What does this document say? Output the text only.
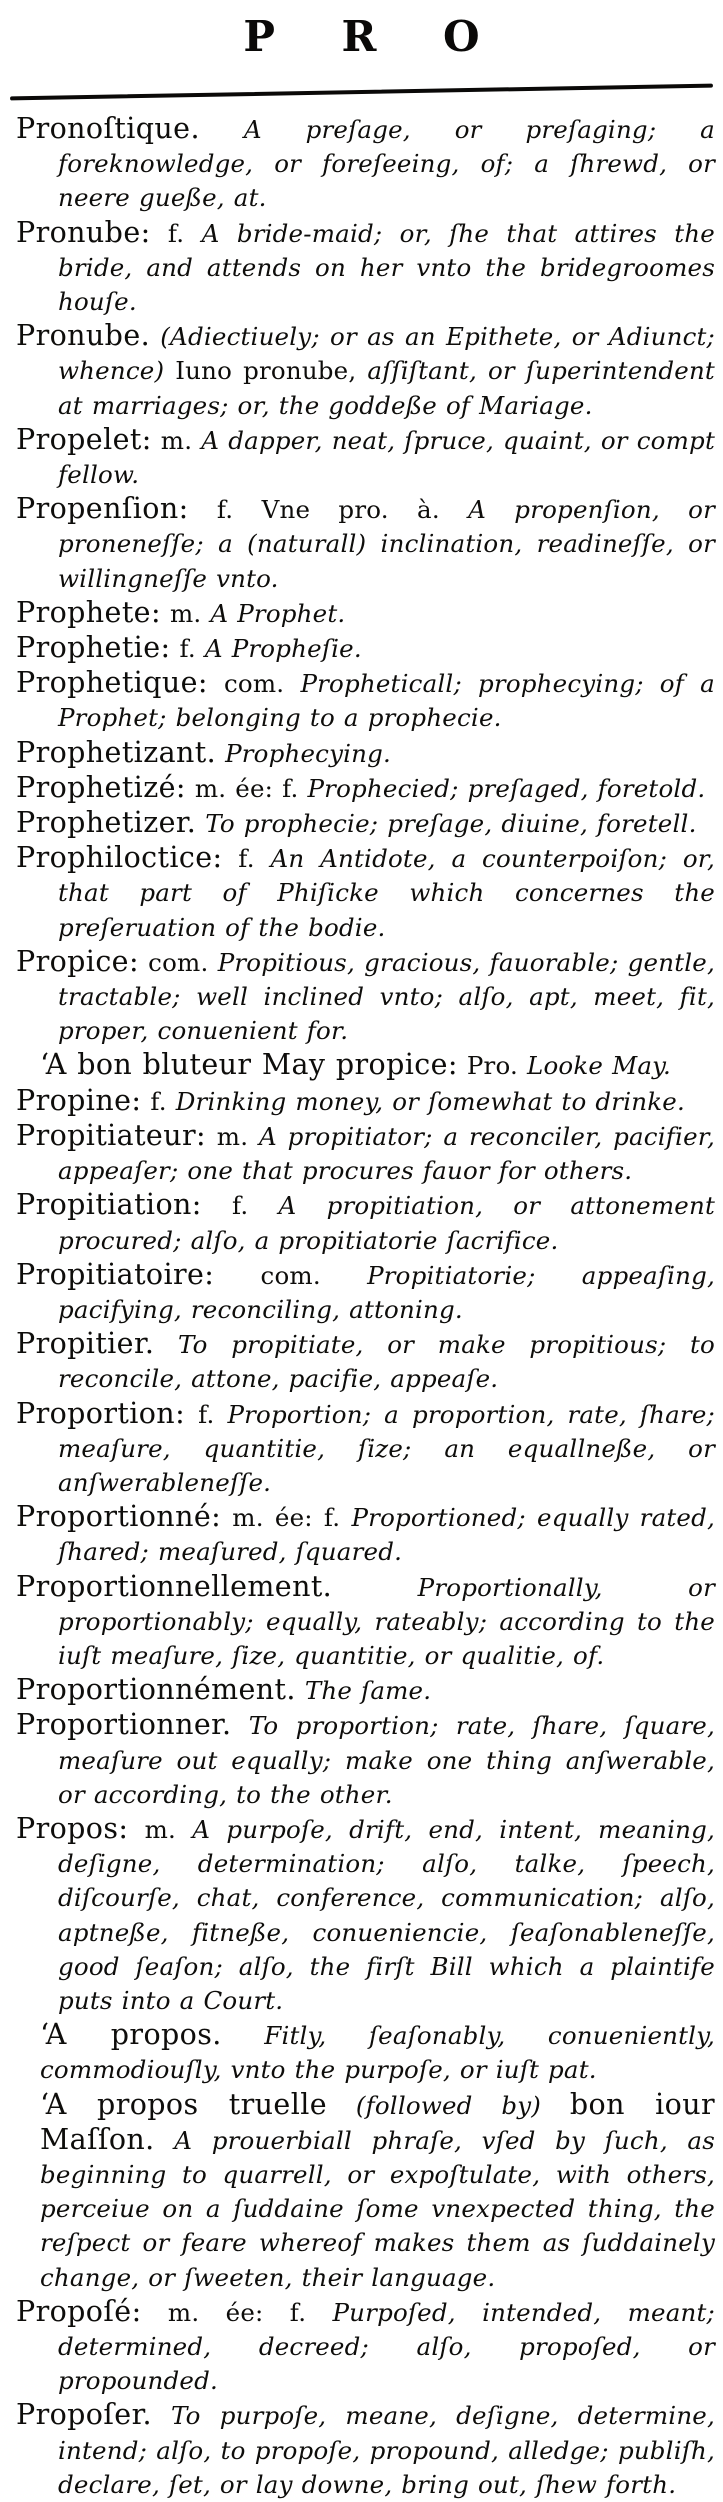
P R O

Pronoſtique. A preſage, or preſaging; a foreknowledge, or foreſeeing, of; a ſhrewd, or neere gueße, at.

Pronube: f. A bride-maid; or, ſhe that attires the bride, and attends on her vnto the bridegroomes houſe.

Pronube. (Adiectiuely; or as an Epithete, or Adiunct; whence) Iuno pronube, aſſiſtant, or ſuperintendent at marriages; or, the goddeße of Mariage.

Propelet: m. A dapper, neat, ſpruce, quaint, or compt fellow.

Propenſion: f. Vne pro. à. A propenſion, or proneneſſe; a (naturall) inclination, readineſſe, or willingneſſe vnto.

Prophete: m. A Prophet.

Prophetie: f. A Propheſie.

Prophetique: com. Propheticall; prophecying; of a Prophet; belonging to a prophecie.

Prophetizant. Prophecying.

Prophetizé: m. ée: f. Prophecied; preſaged, foretold.

Prophetizer. To prophecie; preſage, diuine, foretell.

Prophiloctice: f. An Antidote, a counterpoiſon; or, that part of Phiſicke which concernes the preſeruation of the bodie.

Propice: com. Propitious, gracious, fauorable; gentle, tractable; well inclined vnto; alſo, apt, meet, fit, proper, conuenient for.

‘A bon bluteur May propice: Pro. Looke May.

Propine: f. Drinking money, or ſomewhat to drinke.

Propitiateur: m. A propitiator; a reconciler, pacifier, appeaſer; one that procures fauor for others.

Propitiation: f. A propitiation, or attonement procured; alſo, a propitiatorie ſacrifice.

Propitiatoire: com. Propitiatorie; appeaſing, pacifying, reconciling, attoning.

Propitier. To propitiate, or make propitious; to reconcile, attone, pacifie, appeaſe.

Proportion: f. Proportion; a proportion, rate, ſhare; meaſure, quantitie, ſize; an equallneße, or anſwerableneſſe.

Proportionné: m. ée: f. Proportioned; equally rated, ſhared; meaſured, ſquared.

Proportionnellement. Proportionally, or proportionably; equally, rateably; according to the iuſt meaſure, ſize, quantitie, or qualitie, of.

Proportionnément. The ſame.

Proportionner. To proportion; rate, ſhare, ſquare, meaſure out equally; make one thing anſwerable, or according, to the other.

Propos: m. A purpoſe, drift, end, intent, meaning, deſigne, determination; alſo, talke, ſpeech, diſcourſe, chat, conference, communication; alſo, aptneße, fitneße, conueniencie, ſeaſonableneſſe, good ſeaſon; alſo, the firſt Bill which a plaintife puts into a Court.

‘A propos. Fitly, ſeaſonably, conueniently, commodiouſly, vnto the purpoſe, or iuſt pat.

‘A propos truelle (followed by) bon iour Maſſon. A prouerbiall phraſe, vſed by ſuch, as beginning to quarrell, or expoſtulate, with others, perceiue on a ſuddaine ſome vnexpected thing, the reſpect or feare whereof makes them as ſuddainely change, or ſweeten, their language.

Propoſé: m. ée: f. Purpoſed, intended, meant; determined, decreed; alſo, propoſed, or propounded.

Propoſer. To purpoſe, meane, deſigne, determine, intend; alſo, to propoſe, propound, alledge; publiſh, declare, ſet, or lay downe, bring out, ſhew forth.
